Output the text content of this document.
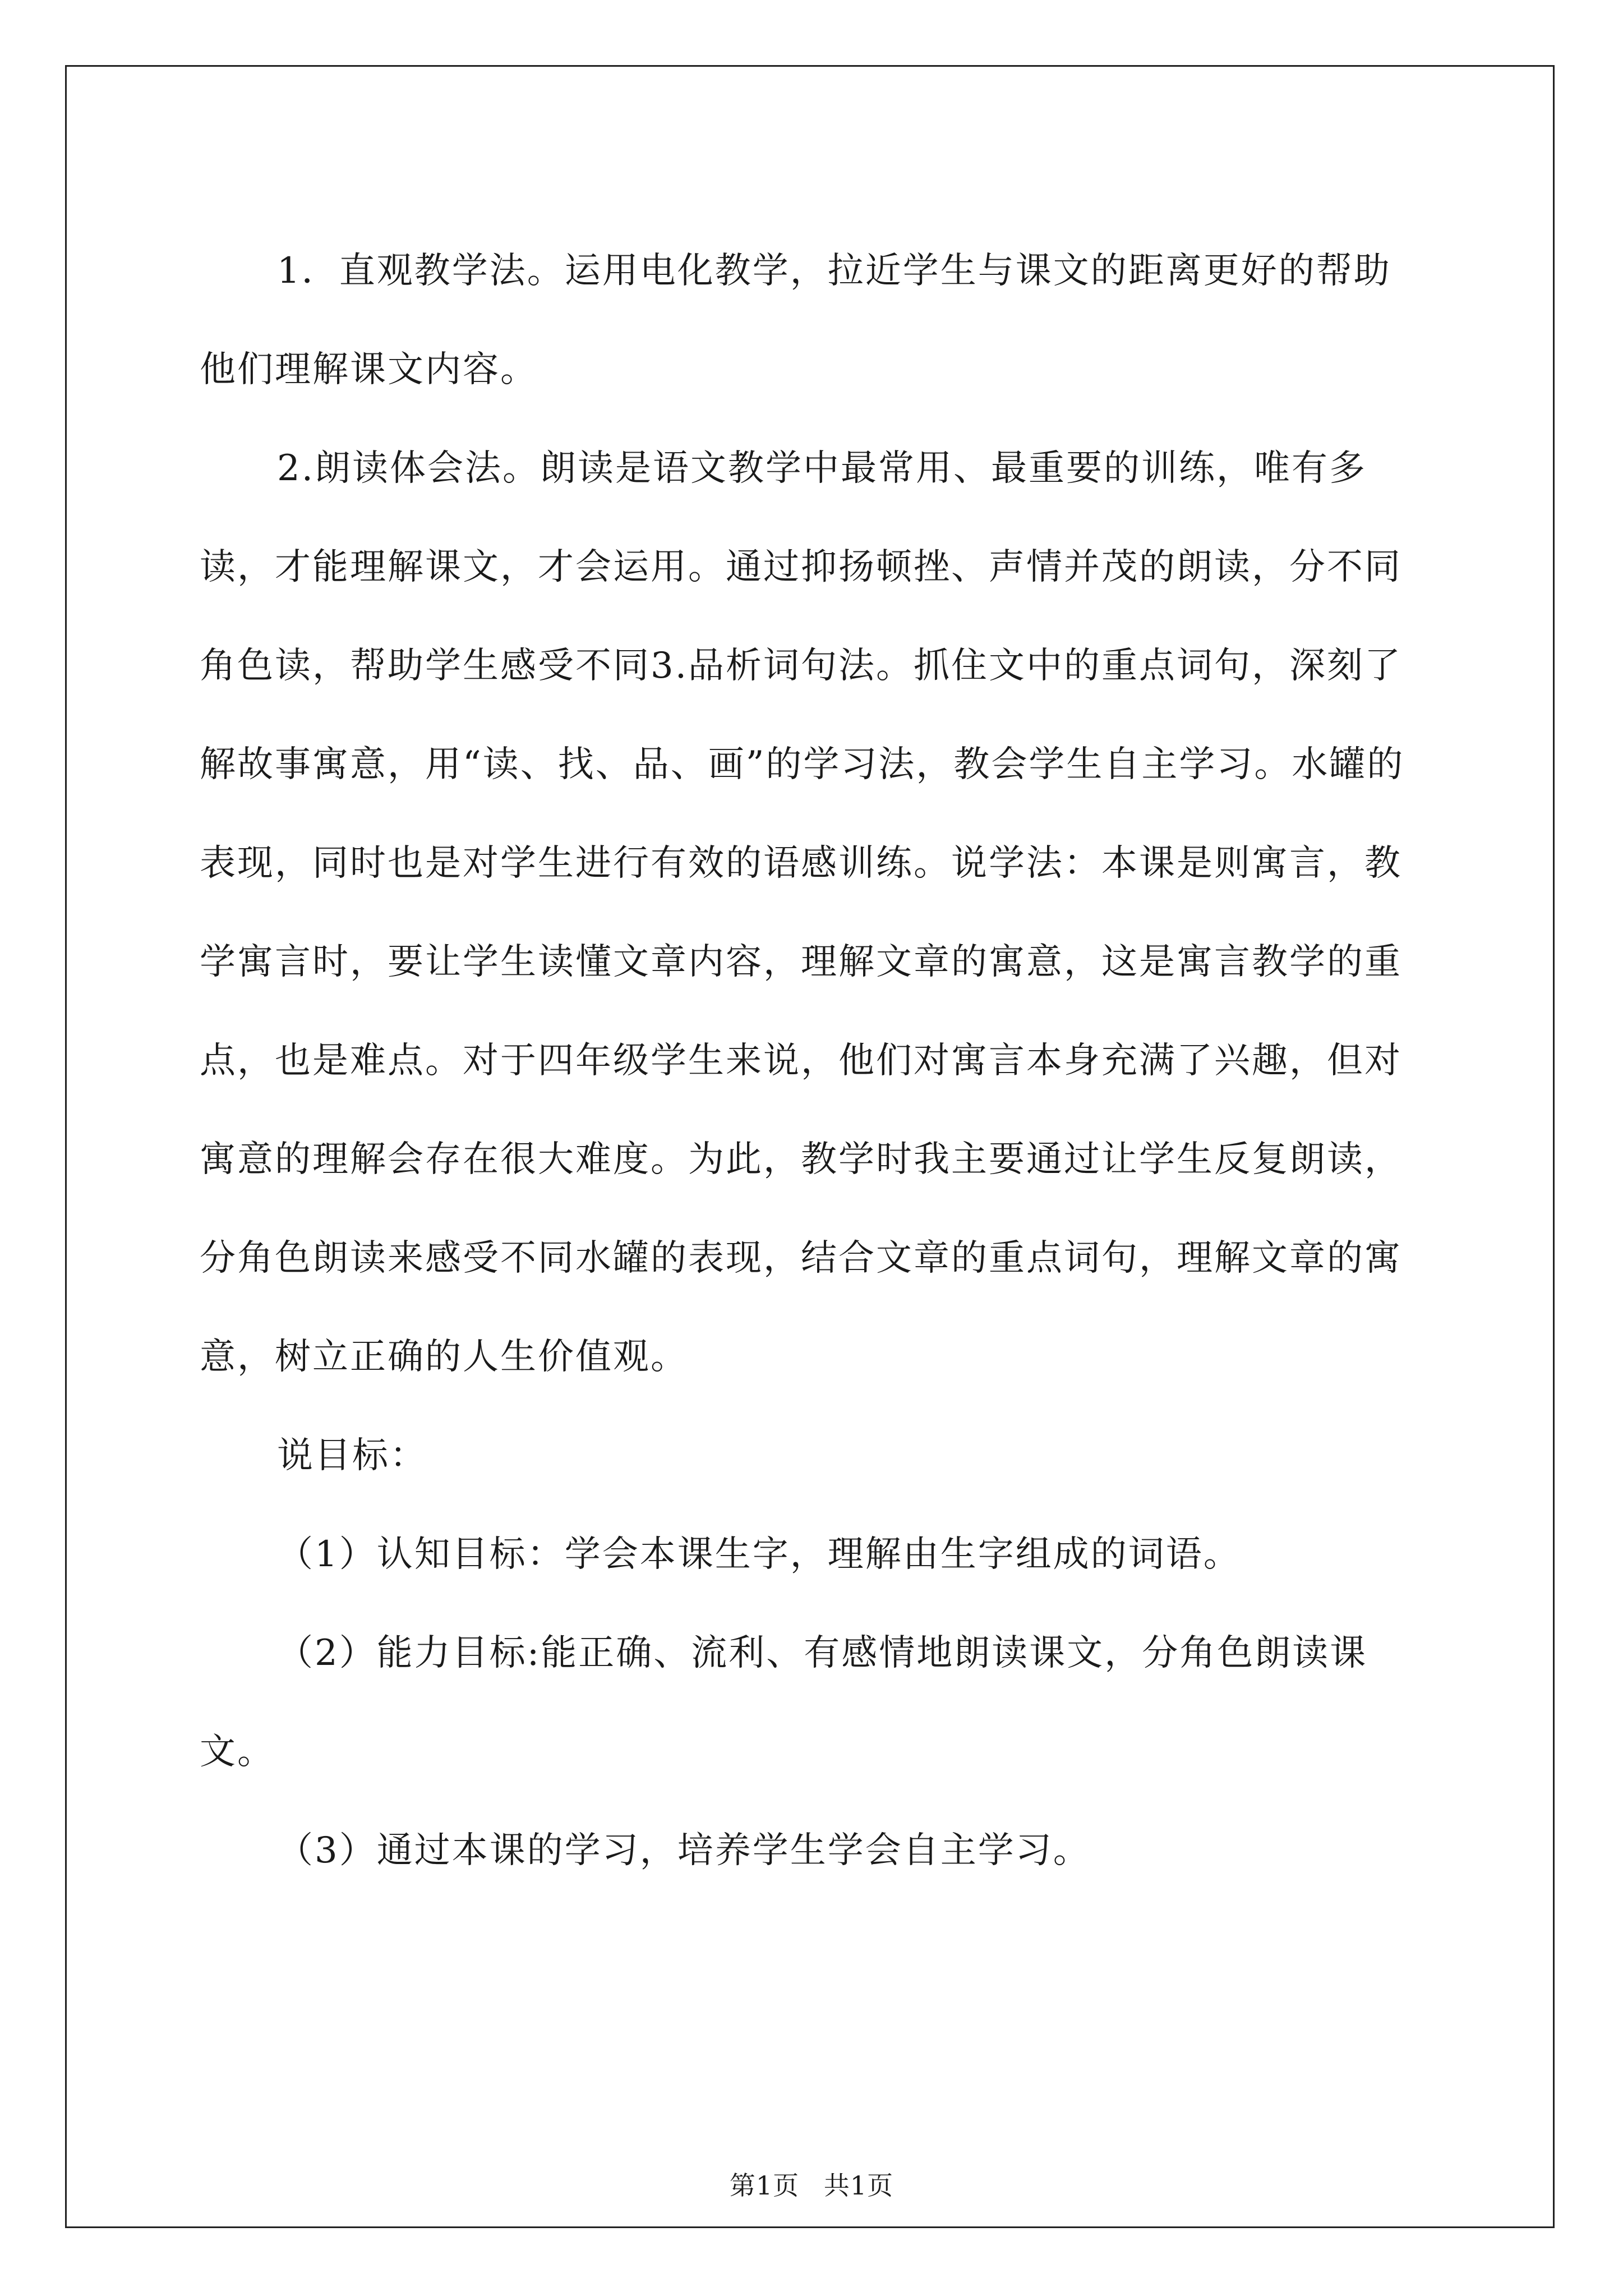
1．直观教学法。运用电化教学，拉近学生与课文的距离更好的帮助他们理解课文内容。

2.朗读体会法。朗读是语文教学中最常用、最重要的训练，唯有多读，才能理解课文，才会运用。通过抑扬顿挫、声情并茂的朗读，分不同角色读，帮助学生感受不同3.品析词句法。抓住文中的重点词句，深刻了解故事寓意，用“读、找、品、画”的学习法，教会学生自主学习。水罐的表现，同时也是对学生进行有效的语感训练。说学法：本课是则寓言，教学寓言时，要让学生读懂文章内容，理解文章的寓意，这是寓言教学的重点，也是难点。对于四年级学生来说，他们对寓言本身充满了兴趣，但对寓意的理解会存在很大难度。为此，教学时我主要通过让学生反复朗读，分角色朗读来感受不同水罐的表现，结合文章的重点词句，理解文章的寓意，树立正确的人生价值观。

说目标：

（1）认知目标：学会本课生字，理解由生字组成的词语。

（2）能力目标:能正确、流利、有感情地朗读课文，分角色朗读课文。

（3）通过本课的学习，培养学生学会自主学习。

第1页 共1页
